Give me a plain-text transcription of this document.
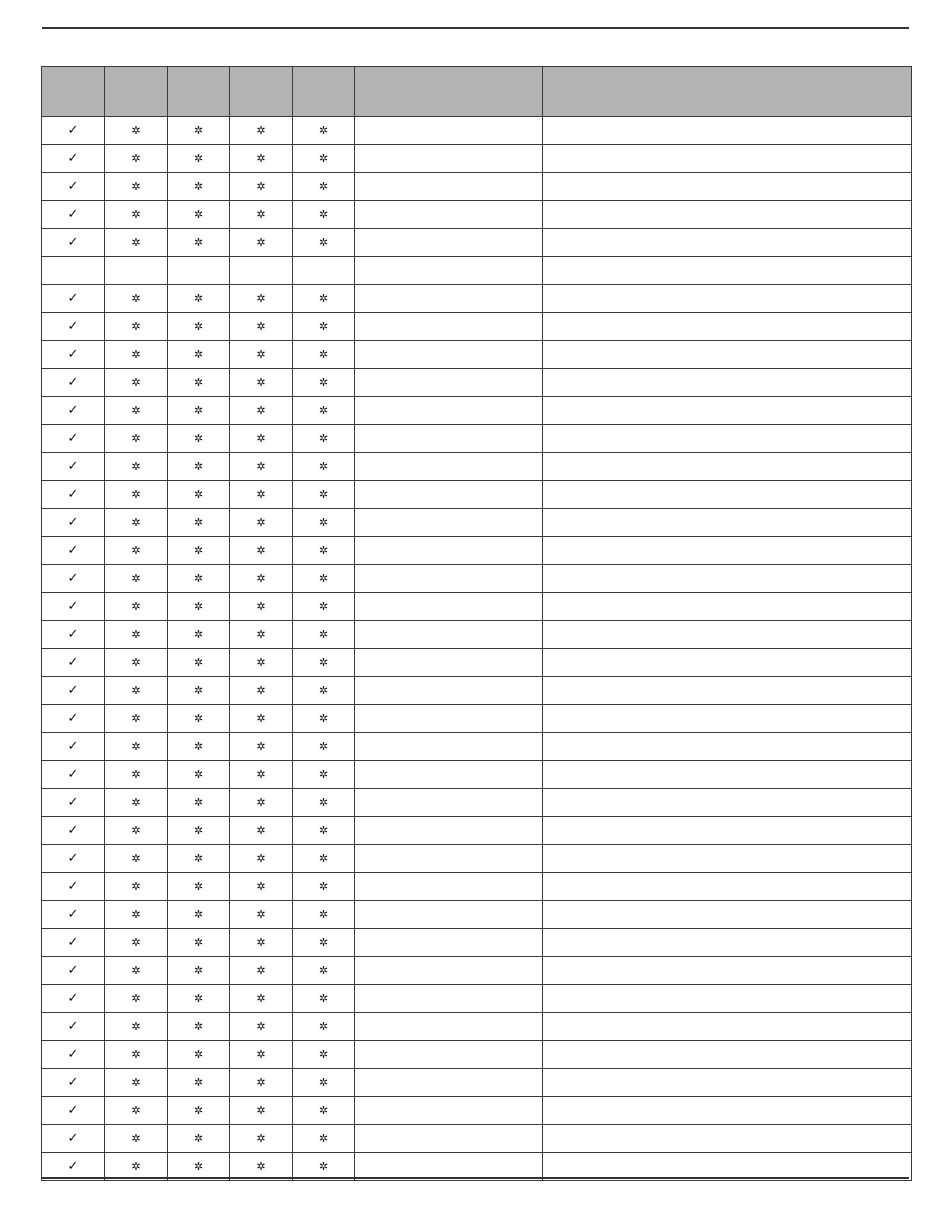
✓	✲	✲	✲	✲		
✓	✲	✲	✲	✲		
✓	✲	✲	✲	✲		
✓	✲	✲	✲	✲		
✓	✲	✲	✲	✲		

✓	✲	✲	✲	✲		
✓	✲	✲	✲	✲		
✓	✲	✲	✲	✲		
✓	✲	✲	✲	✲		
✓	✲	✲	✲	✲		
✓	✲	✲	✲	✲		
✓	✲	✲	✲	✲		
✓	✲	✲	✲	✲		
✓	✲	✲	✲	✲		
✓	✲	✲	✲	✲		
✓	✲	✲	✲	✲		
✓	✲	✲	✲	✲		
✓	✲	✲	✲	✲		
✓	✲	✲	✲	✲		
✓	✲	✲	✲	✲		
✓	✲	✲	✲	✲		
✓	✲	✲	✲	✲		
✓	✲	✲	✲	✲		
✓	✲	✲	✲	✲		
✓	✲	✲	✲	✲		
✓	✲	✲	✲	✲		
✓	✲	✲	✲	✲		
✓	✲	✲	✲	✲		
✓	✲	✲	✲	✲		
✓	✲	✲	✲	✲		
✓	✲	✲	✲	✲		
✓	✲	✲	✲	✲		
✓	✲	✲	✲	✲		
✓	✲	✲	✲	✲		
✓	✲	✲	✲	✲		
✓	✲	✲	✲	✲		
✓	✲	✲	✲	✲		
